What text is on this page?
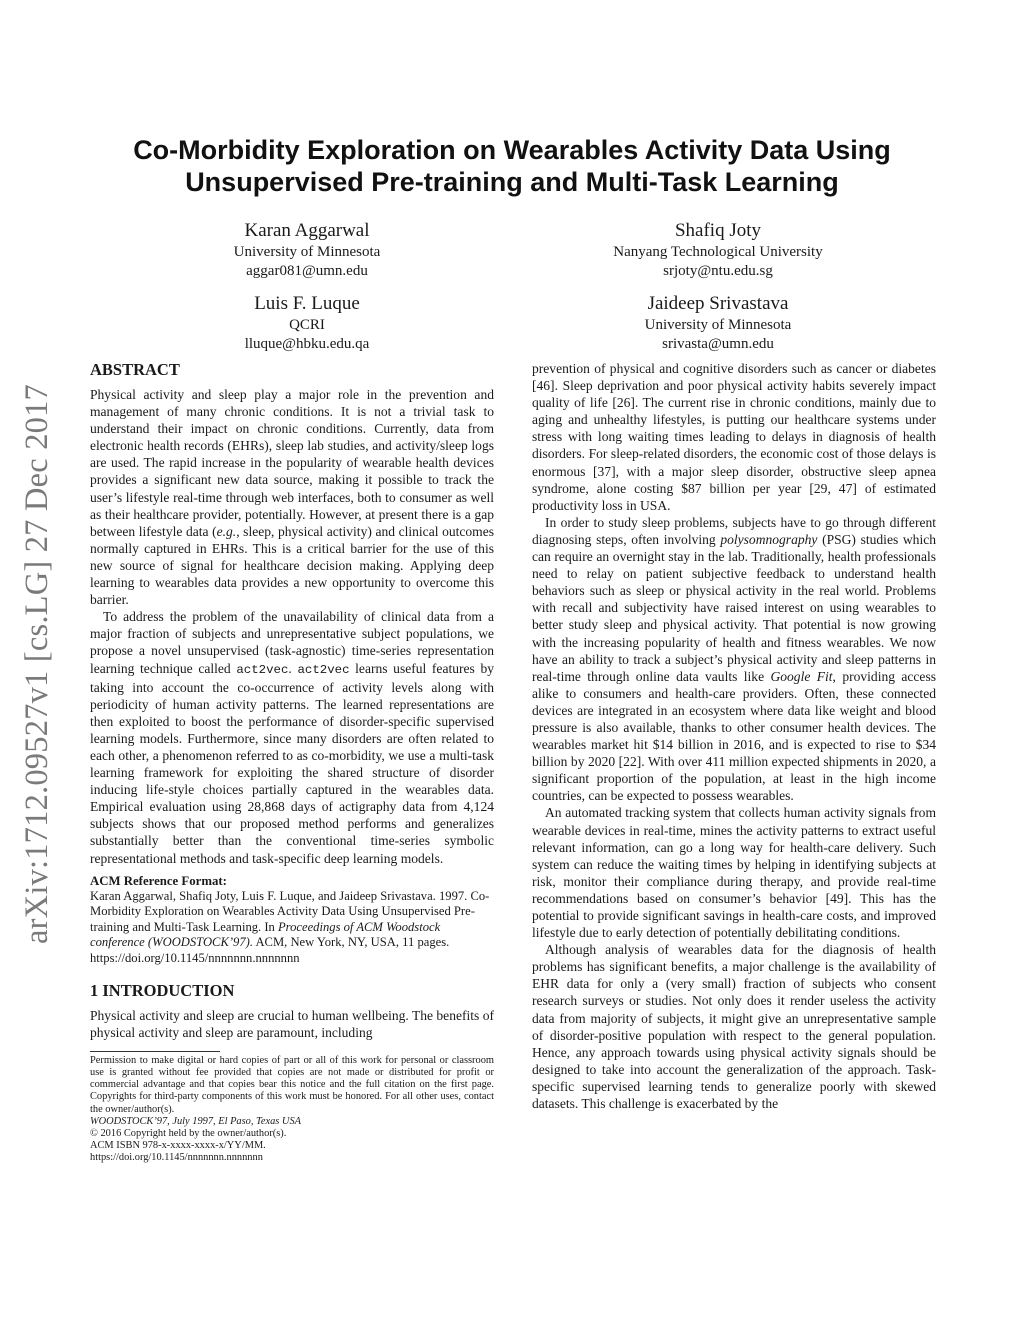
arXiv:1712.09527v1 [cs.LG] 27 Dec 2017
Co-Morbidity Exploration on Wearables Activity Data Using
Unsupervised Pre-training and Multi-Task Learning
Karan Aggarwal
University of Minnesota
aggar081@umn.edu
Shafiq Joty
Nanyang Technological University
srjoty@ntu.edu.sg
Luis F. Luque
QCRI
lluque@hbku.edu.qa
Jaideep Srivastava
University of Minnesota
srivasta@umn.edu
ABSTRACT

Physical activity and sleep play a major role in the prevention and management of many chronic conditions. It is not a trivial task to understand their impact on chronic conditions. Currently, data from electronic health records (EHRs), sleep lab studies, and activity/sleep logs are used. The rapid increase in the popularity of wearable health devices provides a significant new data source, making it possible to track the user’s lifestyle real-time through web interfaces, both to consumer as well as their healthcare provider, potentially. However, at present there is a gap between lifestyle data (e.g., sleep, physical activity) and clinical outcomes normally captured in EHRs. This is a critical barrier for the use of this new source of signal for healthcare decision making. Applying deep learning to wearables data provides a new opportunity to overcome this barrier.

To address the problem of the unavailability of clinical data from a major fraction of subjects and unrepresentative subject populations, we propose a novel unsupervised (task-agnostic) time-series representation learning technique called act2vec. act2vec learns useful features by taking into account the co-occurrence of activity levels along with periodicity of human activity patterns. The learned representations are then exploited to boost the performance of disorder-specific supervised learning models. Furthermore, since many disorders are often related to each other, a phenomenon referred to as co-morbidity, we use a multi-task learning framework for exploiting the shared structure of disorder inducing life-style choices partially captured in the wearables data. Empirical evaluation using 28,868 days of actigraphy data from 4,124 subjects shows that our proposed method performs and generalizes substantially better than the conventional time-series symbolic representational methods and task-specific deep learning models.

ACM Reference Format:

Karan Aggarwal, Shafiq Joty, Luis F. Luque, and Jaideep Srivastava. 1997. Co-Morbidity Exploration on Wearables Activity Data Using Unsupervised Pre-training and Multi-Task Learning. In Proceedings of ACM Woodstock conference (WOODSTOCK’97). ACM, New York, NY, USA, 11 pages. https://doi.org/10.1145/nnnnnnn.nnnnnnn

1 INTRODUCTION

Physical activity and sleep are crucial to human wellbeing. The benefits of physical activity and sleep are paramount, including

Permission to make digital or hard copies of part or all of this work for personal or classroom use is granted without fee provided that copies are not made or distributed for profit or commercial advantage and that copies bear this notice and the full citation on the first page. Copyrights for third-party components of this work must be honored. For all other uses, contact the owner/author(s).

WOODSTOCK’97, July 1997, El Paso, Texas USA

© 2016 Copyright held by the owner/author(s).

ACM ISBN 978-x-xxxx-xxxx-x/YY/MM.

https://doi.org/10.1145/nnnnnnn.nnnnnnn

prevention of physical and cognitive disorders such as cancer or diabetes [46]. Sleep deprivation and poor physical activity habits severely impact quality of life [26]. The current rise in chronic conditions, mainly due to aging and unhealthy lifestyles, is putting our healthcare systems under stress with long waiting times leading to delays in diagnosis of health disorders. For sleep-related disorders, the economic cost of those delays is enormous [37], with a major sleep disorder, obstructive sleep apnea syndrome, alone costing $87 billion per year [29, 47] of estimated productivity loss in USA.

In order to study sleep problems, subjects have to go through different diagnosing steps, often involving polysomnography (PSG) studies which can require an overnight stay in the lab. Traditionally, health professionals need to relay on patient subjective feedback to understand health behaviors such as sleep or physical activity in the real world. Problems with recall and subjectivity have raised interest on using wearables to better study sleep and physical activity. That potential is now growing with the increasing popularity of health and fitness wearables. We now have an ability to track a subject’s physical activity and sleep patterns in real-time through online data vaults like Google Fit, providing access alike to consumers and health-care providers. Often, these connected devices are integrated in an ecosystem where data like weight and blood pressure is also available, thanks to other consumer health devices. The wearables market hit $14 billion in 2016, and is expected to rise to $34 billion by 2020 [22]. With over 411 million expected shipments in 2020, a significant proportion of the population, at least in the high income countries, can be expected to possess wearables.

An automated tracking system that collects human activity signals from wearable devices in real-time, mines the activity patterns to extract useful relevant information, can go a long way for health-care delivery. Such system can reduce the waiting times by helping in identifying subjects at risk, monitor their compliance during therapy, and provide real-time recommendations based on consumer’s behavior [49]. This has the potential to provide significant savings in health-care costs, and improved lifestyle due to early detection of potentially debilitating conditions.

Although analysis of wearables data for the diagnosis of health problems has significant benefits, a major challenge is the availability of EHR data for only a (very small) fraction of subjects who consent research surveys or studies. Not only does it render useless the activity data from majority of subjects, it might give an unrepresentative sample of disorder-positive population with respect to the general population. Hence, any approach towards using physical activity signals should be designed to take into account the generalization of the approach. Task-specific supervised learning tends to generalize poorly with skewed datasets. This challenge is exacerbated by the
